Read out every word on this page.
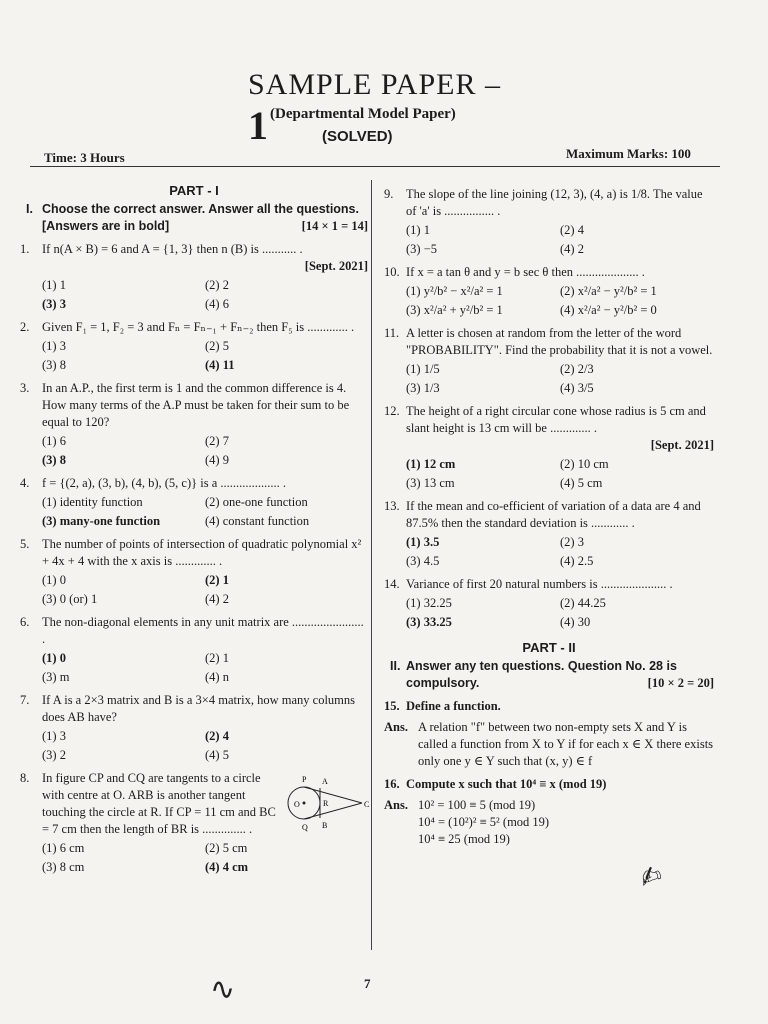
SAMPLE PAPER – 1 (Departmental Model Paper)
(SOLVED)
Time: 3 Hours	Maximum Marks: 100
PART - I
I. Choose the correct answer. Answer all the questions. [Answers are in bold]	[14 × 1 = 14]
1.	If n(A × B) = 6 and A = {1, 3} then n (B) is ........... .
[Sept. 2021]
(1) 1	(2) 2
(3) 3	(4) 6
2.	Given F₁ = 1, F₂ = 3 and Fₙ = Fₙ₋₁ + Fₙ₋₂ then F₅ is ............. .
(1) 3	(2) 5
(3) 8	(4) 11
3.	In an A.P., the first term is 1 and the common difference is 4. How many terms of the A.P must be taken for their sum to be equal to 120?
(1) 6	(2) 7
(3) 8	(4) 9
4.	f = {(2, a), (3, b), (4, b), (5, c)} is a ................... .
(1) identity function	(2) one-one function
(3) many-one function	(4) constant function
5.	The number of points of intersection of quadratic polynomial x² + 4x + 4 with the x axis is ............. .
(1) 0	(2) 1
(3) 0 (or) 1	(4) 2
6.	The non-diagonal elements in any unit matrix are ....................... .
(1) 0	(2) 1
(3) m	(4) n
7.	If A is a 2×3 matrix and B is a 3×4 matrix, how many columns does AB have?
(1) 3	(2) 4
(3) 2	(4) 5
P A
O	R	C
B
Q
8.	In figure CP and CQ are tangents to a circle with centre at O. ARB is another tangent touching the circle at R. If CP = 11 cm and BC = 7 cm then the length of BR is .............. .
(1) 6 cm	(2) 5 cm
(3) 8 cm	(4) 4 cm
9.	The slope of the line joining (12, 3), (4, a) is 1/8. The value of 'a' is ................ .
(1) 1	(2) 4
(3) −5	(4) 2
10. If x = a tan θ and y = b sec θ then .................... .
(1) y²/b² − x²/a² = 1	(2) x²/a² − y²/b² = 1
(3) x²/a² + y²/b² = 1	(4) x²/a² − y²/b² = 0
11. A letter is chosen at random from the letter of the word "PROBABILITY". Find the probability that it is not a vowel.
(1) 1/5	(2) 2/3
(3) 1/3	(4) 3/5
12. The height of a right circular cone whose radius is 5 cm and slant height is 13 cm will be ............. .
[Sept. 2021]
(1) 12 cm	(2) 10 cm
(3) 13 cm	(4) 5 cm
13. If the mean and co-efficient of variation of a data are 4 and 87.5% then the standard deviation is ............ .
(1) 3.5	(2) 3
(3) 4.5	(4) 2.5
14. Variance of first 20 natural numbers is ..................... .
(1) 32.25	(2) 44.25
(3) 33.25	(4) 30
PART - II
II. Answer any ten questions. Question No. 28 is compulsory.	[10 × 2 = 20]
15. Define a function.
Ans. A relation "f" between two non-empty sets X and Y is called a function from X to Y if for each x ∈ X there exists only one y ∈ Y such that (x, y) ∈ f
16. Compute x such that 10⁴ ≡ x (mod 19)
Ans. 10² = 100 ≡ 5 (mod 19)
10⁴ = (10²)² ≡ 5² (mod 19)
10⁴ ≡ 25 (mod 19)
7
✍
∿
